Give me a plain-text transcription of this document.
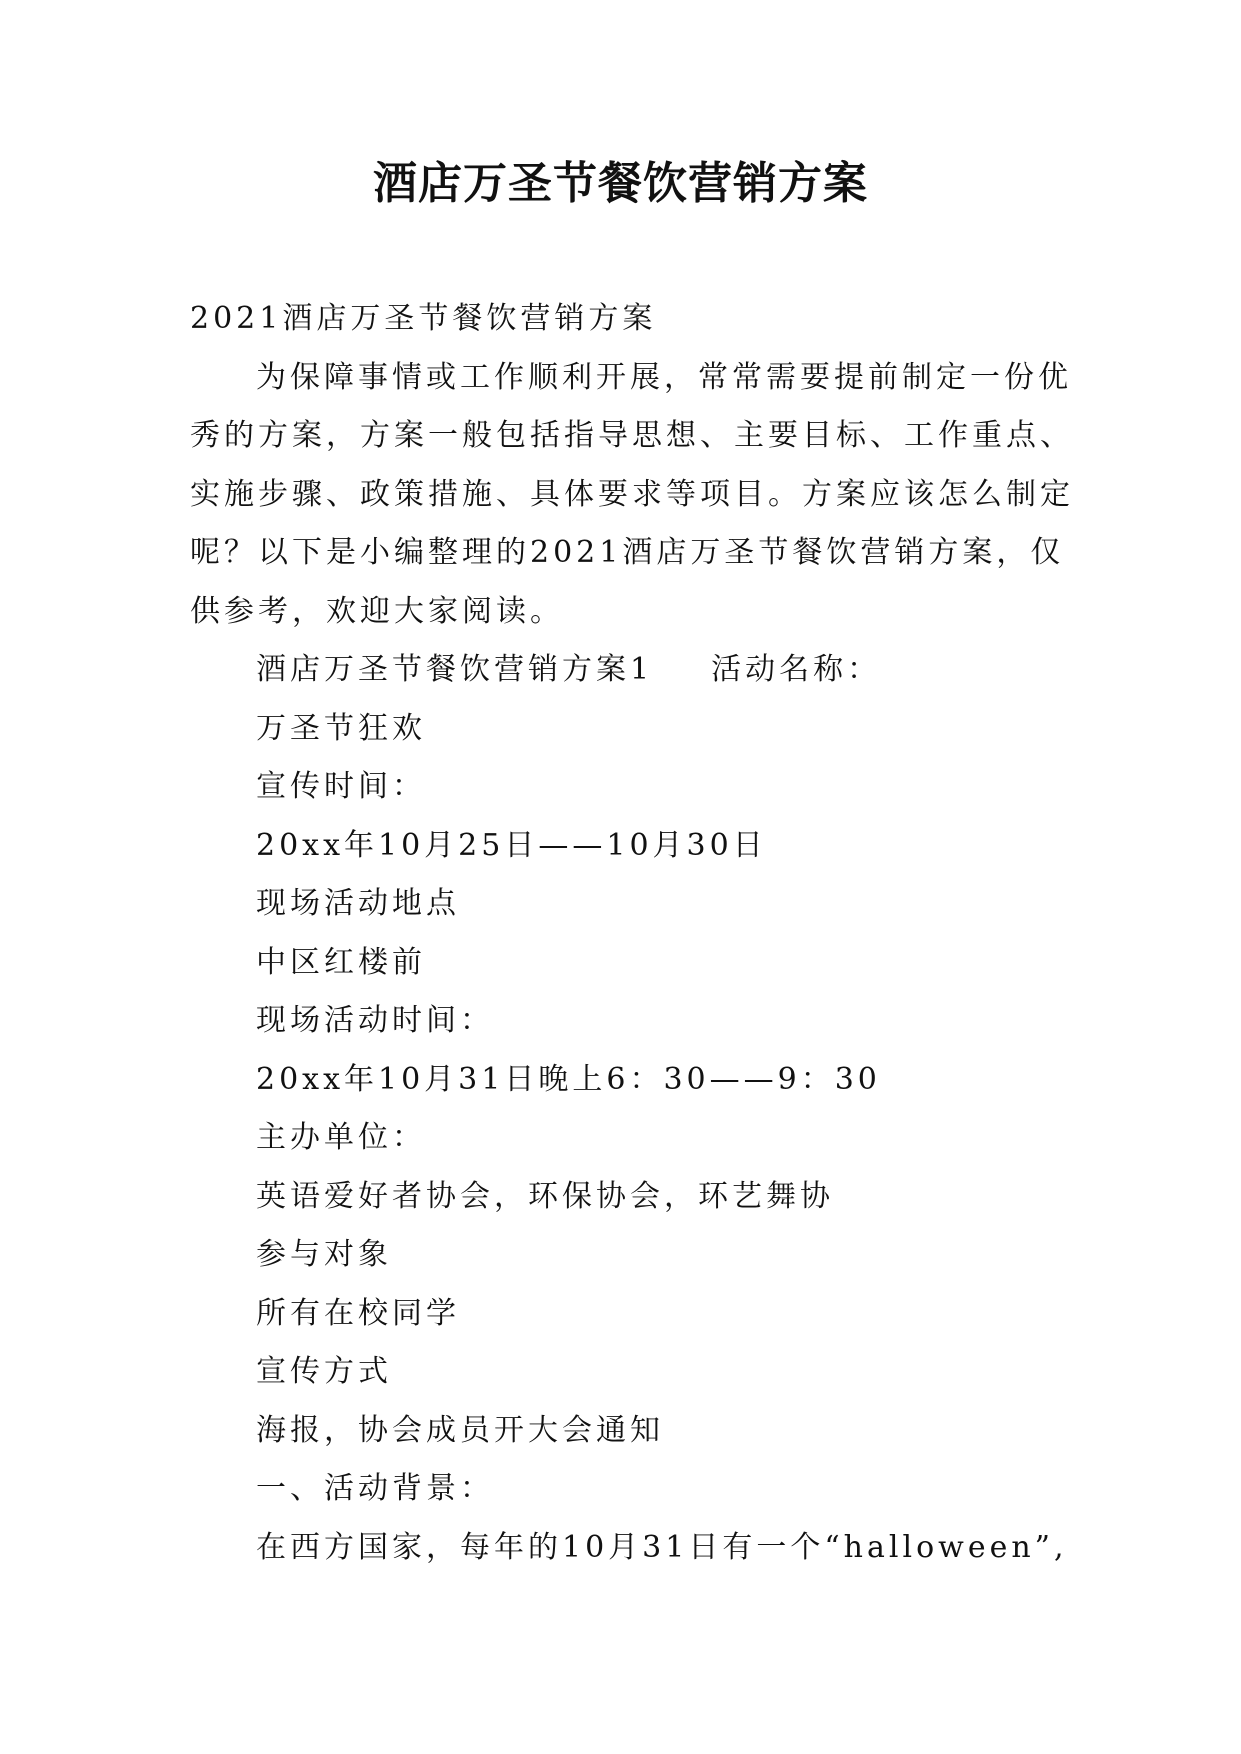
酒店万圣节餐饮营销方案
2021酒店万圣节餐饮营销方案
为保障事情或工作顺利开展，常常需要提前制定一份优
秀的方案，方案一般包括指导思想、主要目标、工作重点、
实施步骤、政策措施、具体要求等项目。方案应该怎么制定
呢？以下是小编整理的2021酒店万圣节餐饮营销方案，仅
供参考，欢迎大家阅读。
酒店万圣节餐饮营销方案1 活动名称：
万圣节狂欢
宣传时间：
20xx年10月25日——10月30日
现场活动地点
中区红楼前
现场活动时间：
20xx年10月31日晚上6：30——9：30
主办单位：
英语爱好者协会，环保协会，环艺舞协
参与对象
所有在校同学
宣传方式
海报，协会成员开大会通知
一、活动背景：
在西方国家，每年的10月31日有一个“halloween”,
